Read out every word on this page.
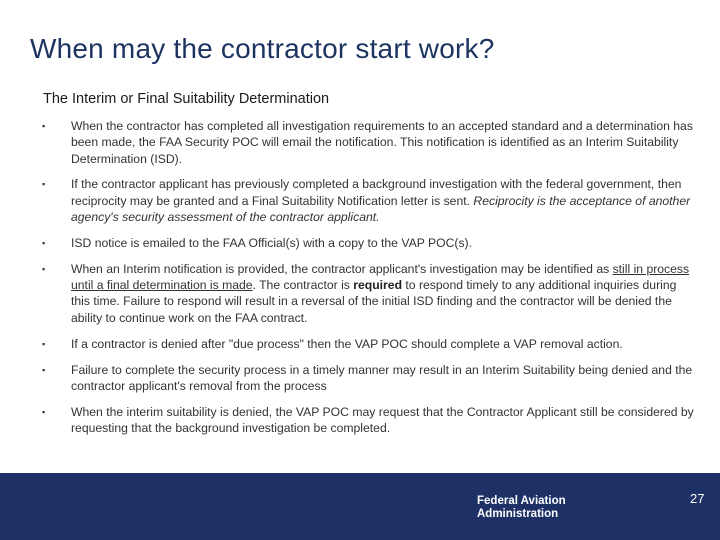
When may the contractor start work?

The Interim or Final Suitability Determination

▪ When the contractor has completed all investigation requirements to an accepted standard and a determination has been made, the FAA Security POC will email the notification. This notification is identified as an Interim Suitability Determination (ISD).
▪ If the contractor applicant has previously completed a background investigation with the federal government, then reciprocity may be granted and a Final Suitability Notification letter is sent. Reciprocity is the acceptance of another agency's security assessment of the contractor applicant.
▪ ISD notice is emailed to the FAA Official(s) with a copy to the VAP POC(s).
▪ When an Interim notification is provided, the contractor applicant's investigation may be identified as still in process until a final determination is made. The contractor is required to respond timely to any additional inquiries during this time. Failure to respond will result in a reversal of the initial ISD finding and the contractor will be denied the ability to continue work on the FAA contract.
▪ If a contractor is denied after "due process" then the VAP POC should complete a VAP removal action.
▪ Failure to complete the security process in a timely manner may result in an Interim Suitability being denied and the contractor applicant's removal from the process
▪ When the interim suitability is denied, the VAP POC may request that the Contractor Applicant still be considered by requesting that the background investigation be completed.

Federal Aviation
Administration

27
